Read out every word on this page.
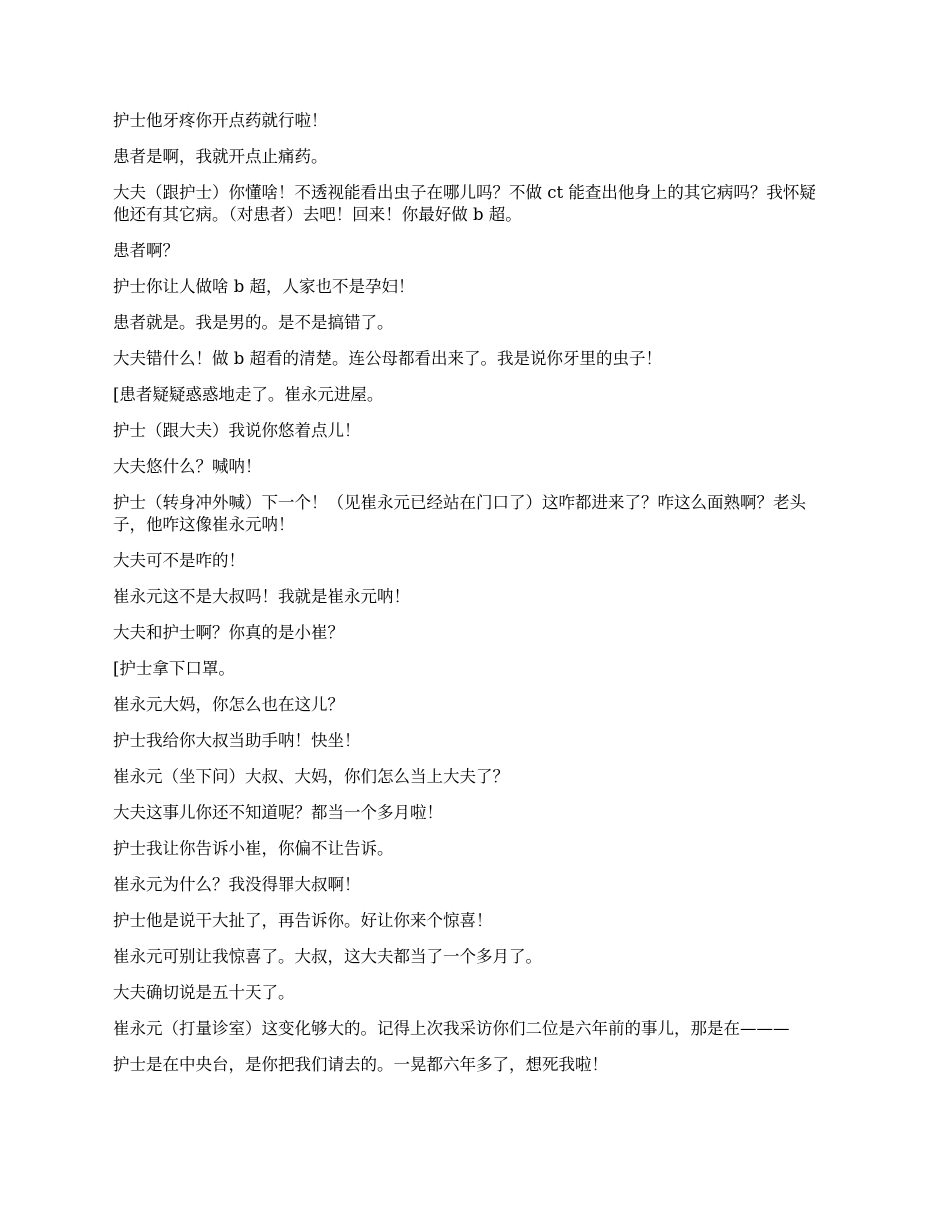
护士他牙疼你开点药就行啦！

患者是啊，我就开点止痛药。

大夫（跟护士）你懂啥！不透视能看出虫子在哪儿吗？不做 ct 能查出他身上的其它病吗？我怀疑他还有其它病。（对患者）去吧！回来！你最好做 b 超。

患者啊？

护士你让人做啥 b 超，人家也不是孕妇！

患者就是。我是男的。是不是搞错了。

大夫错什么！做 b 超看的清楚。连公母都看出来了。我是说你牙里的虫子！

[患者疑疑惑惑地走了。崔永元进屋。

护士（跟大夫）我说你悠着点儿！

大夫悠什么？喊呐！

护士（转身冲外喊）下一个！（见崔永元已经站在门口了）这咋都进来了？咋这么面熟啊？老头子，他咋这像崔永元呐！

大夫可不是咋的！

崔永元这不是大叔吗！我就是崔永元呐！

大夫和护士啊？你真的是小崔？

[护士拿下口罩。

崔永元大妈，你怎么也在这儿？

护士我给你大叔当助手呐！快坐！

崔永元（坐下问）大叔、大妈，你们怎么当上大夫了？

大夫这事儿你还不知道呢？都当一个多月啦！

护士我让你告诉小崔，你偏不让告诉。

崔永元为什么？我没得罪大叔啊！

护士他是说干大扯了，再告诉你。好让你来个惊喜！

崔永元可别让我惊喜了。大叔，这大夫都当了一个多月了。

大夫确切说是五十天了。

崔永元（打量诊室）这变化够大的。记得上次我采访你们二位是六年前的事儿，那是在———

护士是在中央台，是你把我们请去的。一晃都六年多了，想死我啦！
